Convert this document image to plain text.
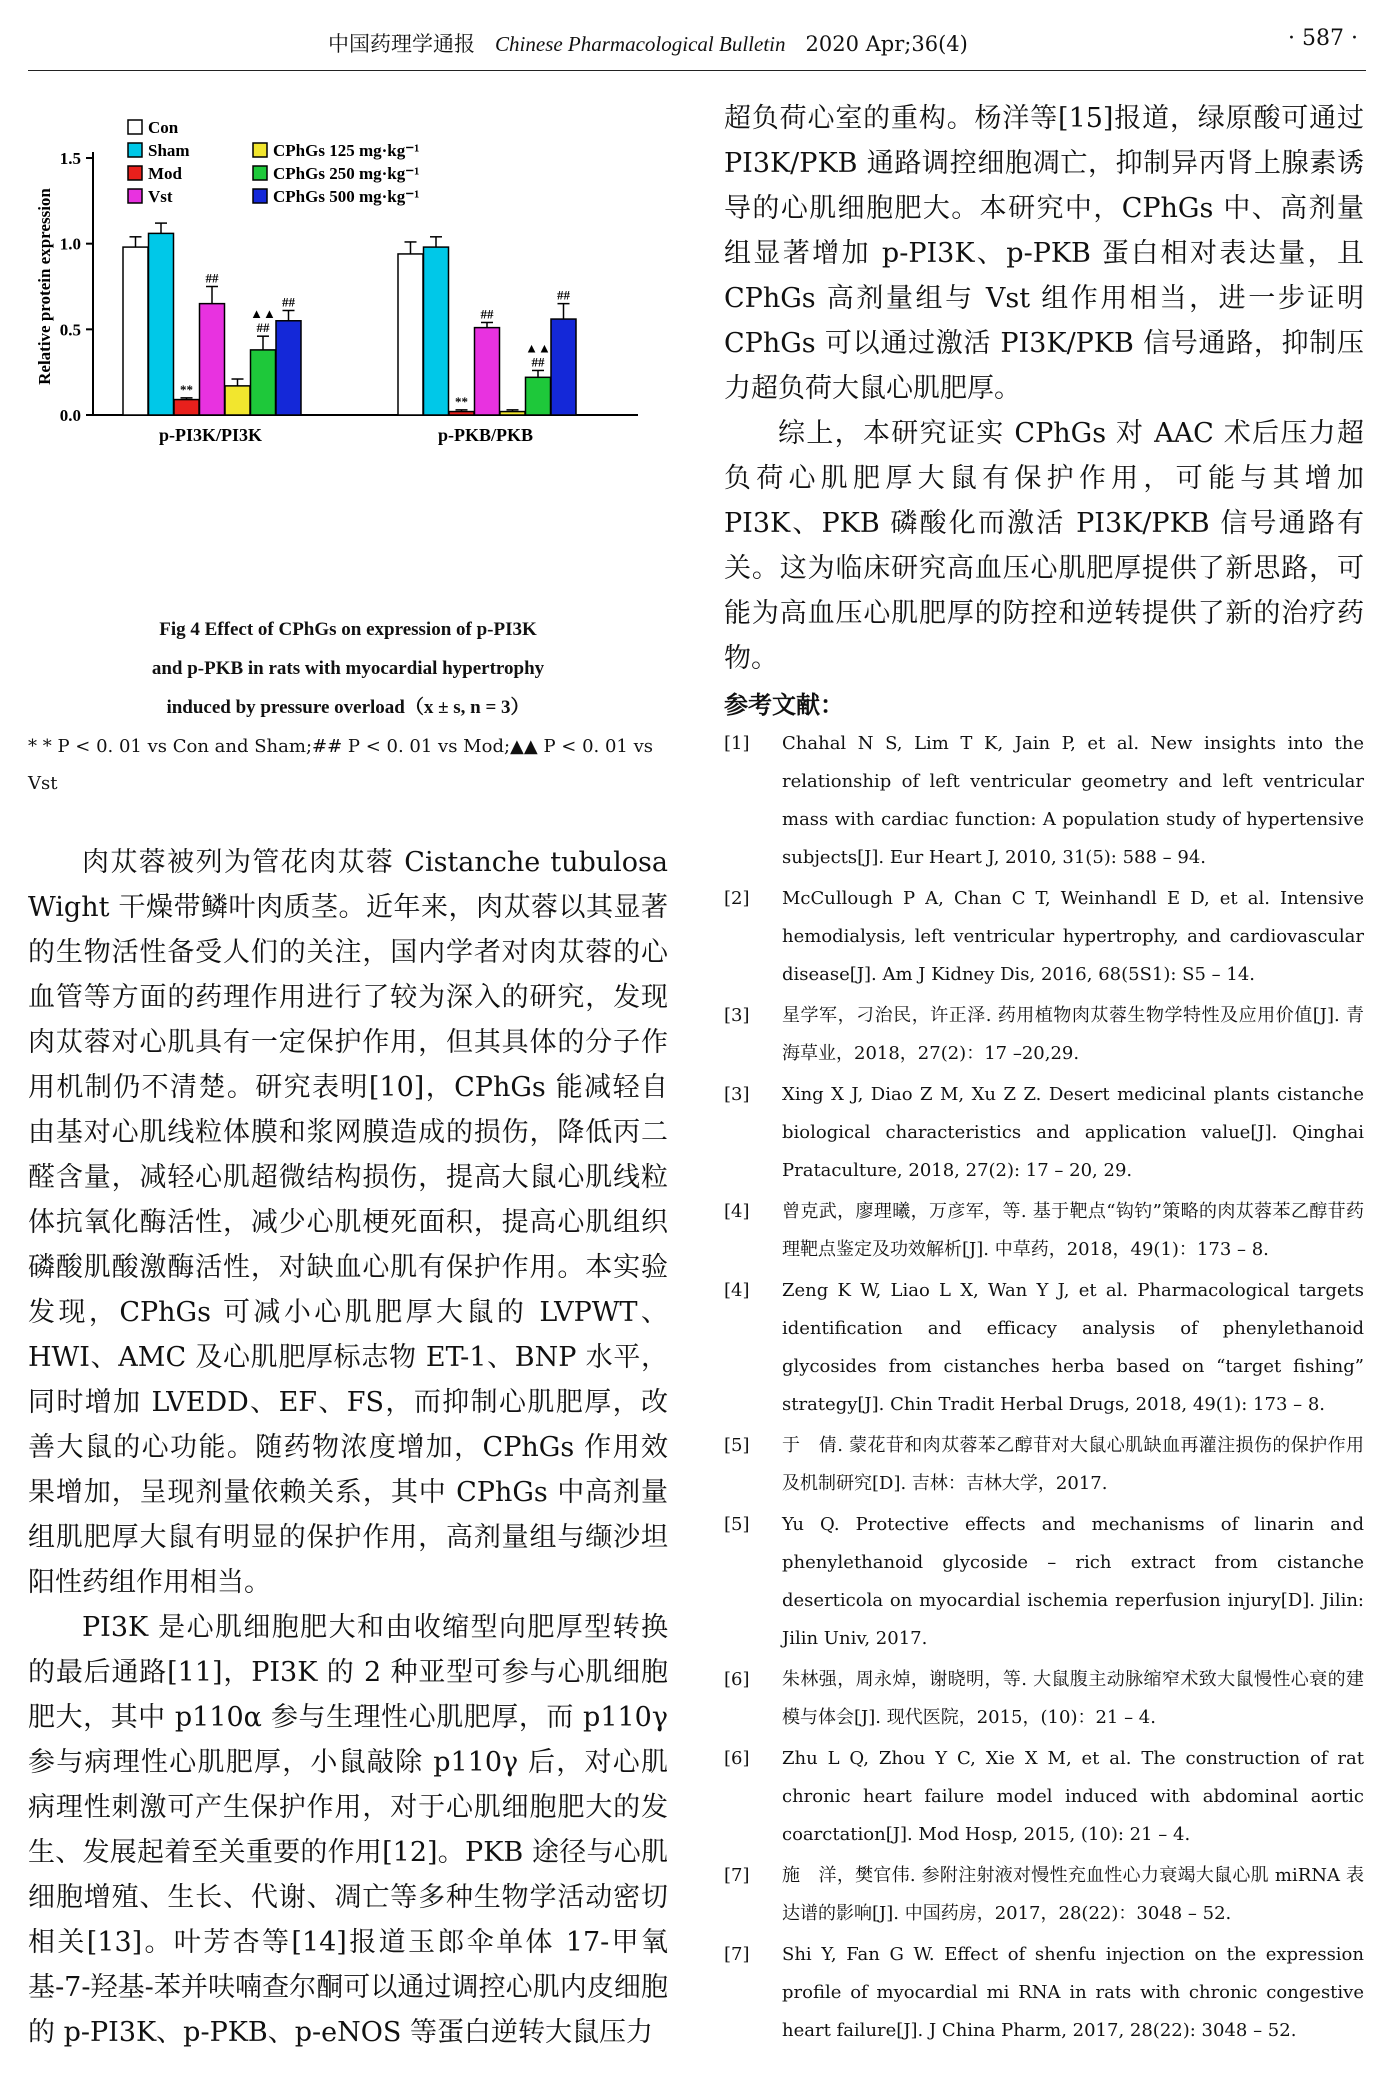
中国药理学通报 Chinese Pharmacological Bulletin 2020 Apr;36(4)	· 587 ·
0.0
0.5
1.0
1.5
Relative protein expression
**
##
▲▲
##
##
p-PI3K/PI3K
**
##
▲▲
##
##
p-PKB/PKB
Con
Sham
Mod
Vst
CPhGs 125 mg·kg⁻¹
CPhGs 250 mg·kg⁻¹
CPhGs 500 mg·kg⁻¹
Fig 4 Effect of CPhGs on expression of p-PI3K
and p-PKB in rats with myocardial hypertrophy
induced by pressure overload（x ± s, n = 3）
* * P < 0. 01 vs Con and Sham;## P < 0. 01 vs Mod;▲▲ P < 0. 01 vs Vst

肉苁蓉被列为管花肉苁蓉 Cistanche tubulosa Wight 干燥带鳞叶肉质茎。近年来，肉苁蓉以其显著的生物活性备受人们的关注，国内学者对肉苁蓉的心血管等方面的药理作用进行了较为深入的研究，发现肉苁蓉对心肌具有一定保护作用，但其具体的分子作用机制仍不清楚。研究表明[10]，CPhGs 能减轻自由基对心肌线粒体膜和浆网膜造成的损伤，降低丙二醛含量，减轻心肌超微结构损伤，提高大鼠心肌线粒体抗氧化酶活性，减少心肌梗死面积，提高心肌组织磷酸肌酸激酶活性，对缺血心肌有保护作用。本实验发现，CPhGs 可减小心肌肥厚大鼠的 LVPWT、HWI、AMC 及心肌肥厚标志物 ET-1、BNP 水平，同时增加 LVEDD、EF、FS，而抑制心肌肥厚，改善大鼠的心功能。随药物浓度增加，CPhGs 作用效果增加，呈现剂量依赖关系，其中 CPhGs 中高剂量组肌肥厚大鼠有明显的保护作用，高剂量组与缬沙坦阳性药组作用相当。

PI3K 是心肌细胞肥大和由收缩型向肥厚型转换的最后通路[11]，PI3K 的 2 种亚型可参与心肌细胞肥大，其中 p110α 参与生理性心肌肥厚，而 p110γ 参与病理性心肌肥厚，小鼠敲除 p110γ 后，对心肌病理性刺激可产生保护作用，对于心肌细胞肥大的发生、发展起着至关重要的作用[12]。PKB 途径与心肌细胞增殖、生长、代谢、凋亡等多种生物学活动密切相关[13]。叶芳杏等[14]报道玉郎伞单体 17-甲氧基-7-羟基-苯并呋喃查尔酮可以通过调控心肌内皮细胞的 p-PI3K、p-PKB、p-eNOS 等蛋白逆转大鼠压力

超负荷心室的重构。杨洋等[15]报道，绿原酸可通过 PI3K/PKB 通路调控细胞凋亡，抑制异丙肾上腺素诱导的心肌细胞肥大。本研究中，CPhGs 中、高剂量组显著增加 p-PI3K、p-PKB 蛋白相对表达量，且 CPhGs 高剂量组与 Vst 组作用相当，进一步证明 CPhGs 可以通过激活 PI3K/PKB 信号通路，抑制压力超负荷大鼠心肌肥厚。

综上，本研究证实 CPhGs 对 AAC 术后压力超负荷心肌肥厚大鼠有保护作用，可能与其增加 PI3K、PKB 磷酸化而激活 PI3K/PKB 信号通路有关。这为临床研究高血压心肌肥厚提供了新思路，可能为高血压心肌肥厚的防控和逆转提供了新的治疗药物。

参考文献：
[1]	Chahal N S, Lim T K, Jain P, et al. New insights into the relationship of left ventricular geometry and left ventricular mass with cardiac function: A population study of hypertensive subjects[J]. Eur Heart J, 2010, 31(5): 588 – 94.
[2]	McCullough P A, Chan C T, Weinhandl E D, et al. Intensive hemodialysis, left ventricular hypertrophy, and cardiovascular disease[J]. Am J Kidney Dis, 2016, 68(5S1): S5 – 14.
[3]	星学军，刁治民，许正泽. 药用植物肉苁蓉生物学特性及应用价值[J]. 青海草业，2018，27(2)：17 –20,29.
[3]	Xing X J, Diao Z M, Xu Z Z. Desert medicinal plants cistanche biological characteristics and application value[J]. Qinghai Prataculture, 2018, 27(2): 17 – 20, 29.
[4]	曾克武，廖理曦，万彦军，等. 基于靶点“钩钓”策略的肉苁蓉苯乙醇苷药理靶点鉴定及功效解析[J]. 中草药，2018，49(1)：173 – 8.
[4]	Zeng K W, Liao L X, Wan Y J, et al. Pharmacological targets identification and efficacy analysis of phenylethanoid glycosides from cistanches herba based on “target fishing” strategy[J]. Chin Tradit Herbal Drugs, 2018, 49(1): 173 – 8.
[5]	于　倩. 蒙花苷和肉苁蓉苯乙醇苷对大鼠心肌缺血再灌注损伤的保护作用及机制研究[D]. 吉林：吉林大学，2017.
[5]	Yu Q. Protective effects and mechanisms of linarin and phenylethanoid glycoside – rich extract from cistanche deserticola on myocardial ischemia reperfusion injury[D]. Jilin: Jilin Univ, 2017.
[6]	朱林强，周永焯，谢晓明，等. 大鼠腹主动脉缩窄术致大鼠慢性心衰的建模与体会[J]. 现代医院，2015，(10)：21 – 4.
[6]	Zhu L Q, Zhou Y C, Xie X M, et al. The construction of rat chronic heart failure model induced with abdominal aortic coarctation[J]. Mod Hosp, 2015, (10): 21 – 4.
[7]	施　洋，樊官伟. 参附注射液对慢性充血性心力衰竭大鼠心肌 miRNA 表达谱的影响[J]. 中国药房，2017，28(22)：3048 – 52.
[7]	Shi Y, Fan G W. Effect of shenfu injection on the expression profile of myocardial mi RNA in rats with chronic congestive heart failure[J]. J China Pharm, 2017, 28(22): 3048 – 52.
